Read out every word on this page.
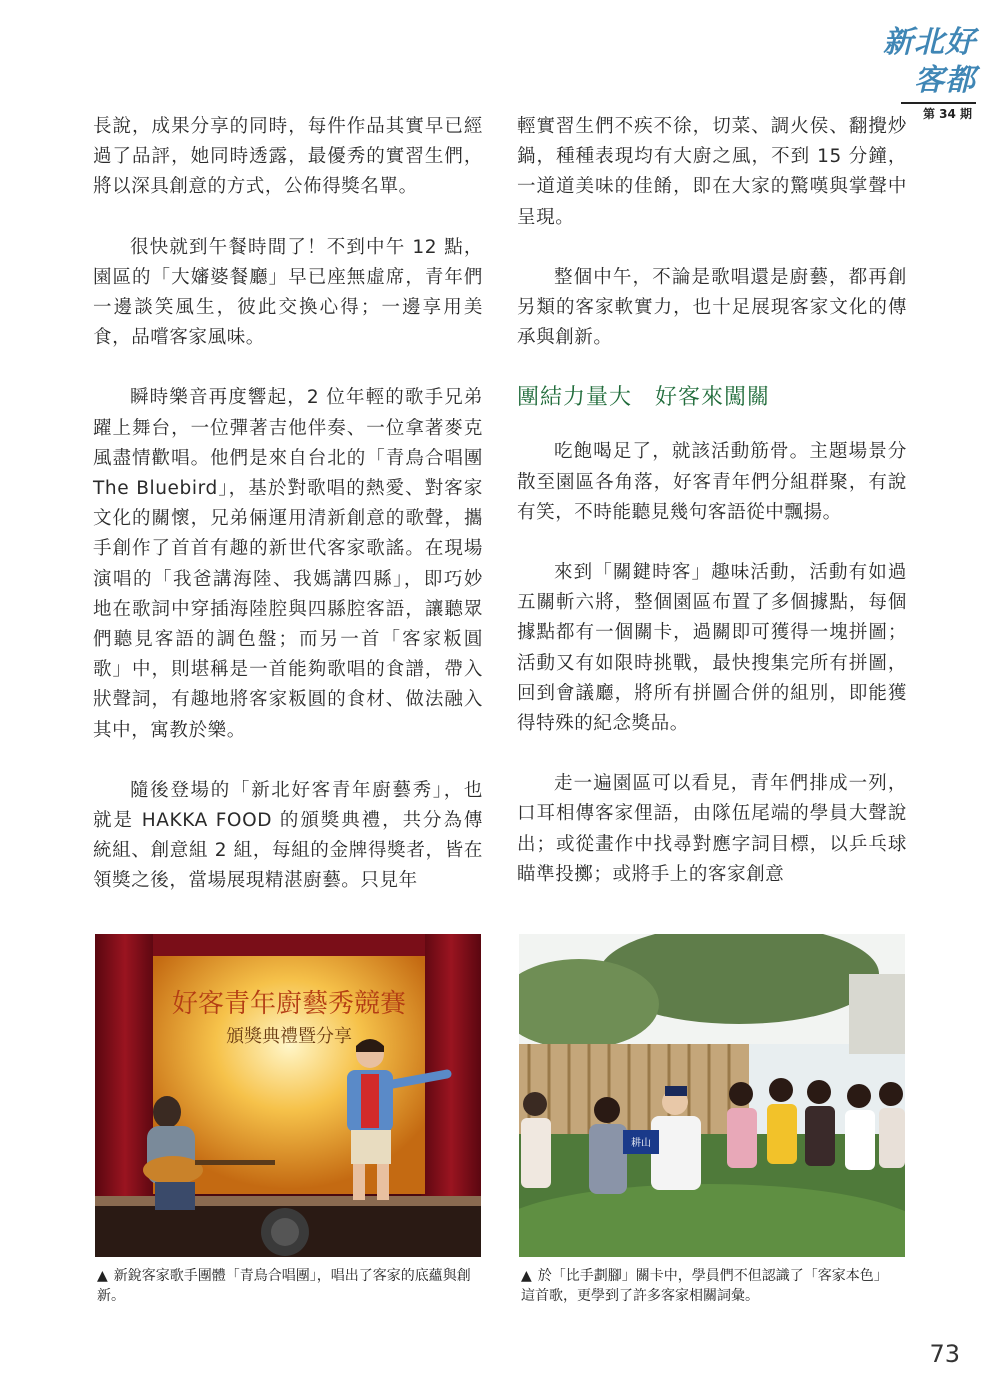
新北好客都
第 34 期

長說，成果分享的同時，每件作品其實早已經過了品評，她同時透露，最優秀的實習生們，將以深具創意的方式，公佈得獎名單。

很快就到午餐時間了！不到中午 12 點，園區的「大嬸婆餐廳」早已座無虛席，青年們一邊談笑風生，彼此交換心得；一邊享用美食，品嚐客家風味。

瞬時樂音再度響起，2 位年輕的歌手兄弟躍上舞台，一位彈著吉他伴奏、一位拿著麥克風盡情歡唱。他們是來自台北的「青鳥合唱團 The Bluebird」，基於對歌唱的熱愛、對客家文化的關懷，兄弟倆運用清新創意的歌聲，攜手創作了首首有趣的新世代客家歌謠。在現場演唱的「我爸講海陸、我媽講四縣」，即巧妙地在歌詞中穿插海陸腔與四縣腔客語，讓聽眾們聽見客語的調色盤；而另一首「客家粄圓歌」中，則堪稱是一首能夠歌唱的食譜，帶入狀聲詞，有趣地將客家粄圓的食材、做法融入其中，寓教於樂。

隨後登場的「新北好客青年廚藝秀」，也就是 HAKKA FOOD 的頒獎典禮，共分為傳統組、創意組 2 組，每組的金牌得獎者，皆在領獎之後，當場展現精湛廚藝。只見年

輕實習生們不疾不徐，切菜、調火侯、翻攪炒鍋，種種表現均有大廚之風，不到 15 分鐘，一道道美味的佳餚，即在大家的驚嘆與掌聲中呈現。

整個中午，不論是歌唱還是廚藝，都再創另類的客家軟實力，也十足展現客家文化的傳承與創新。

團結力量大　好客來闖關

吃飽喝足了，就該活動筋骨。主題場景分散至園區各角落，好客青年們分組群聚，有說有笑，不時能聽見幾句客語從中飄揚。

來到「關鍵時客」趣味活動，活動有如過五關斬六將，整個園區布置了多個據點，每個據點都有一個關卡，過關即可獲得一塊拼圖；活動又有如限時挑戰，最快搜集完所有拼圖，回到會議廳，將所有拼圖合併的組別，即能獲得特殊的紀念獎品。

走一遍園區可以看見，青年們排成一列，口耳相傳客家俚語，由隊伍尾端的學員大聲說出；或從畫作中找尋對應字詞目標，以乒乓球瞄準投擲；或將手上的客家創意

好客青年廚藝秀競賽
頒獎典禮暨分享
耕山
▲ 新銳客家歌手團體「青鳥合唱團」，唱出了客家的底蘊與創新。
▲ 於「比手劃腳」關卡中，學員們不但認識了「客家本色」這首歌，更學到了許多客家相關詞彙。
73
